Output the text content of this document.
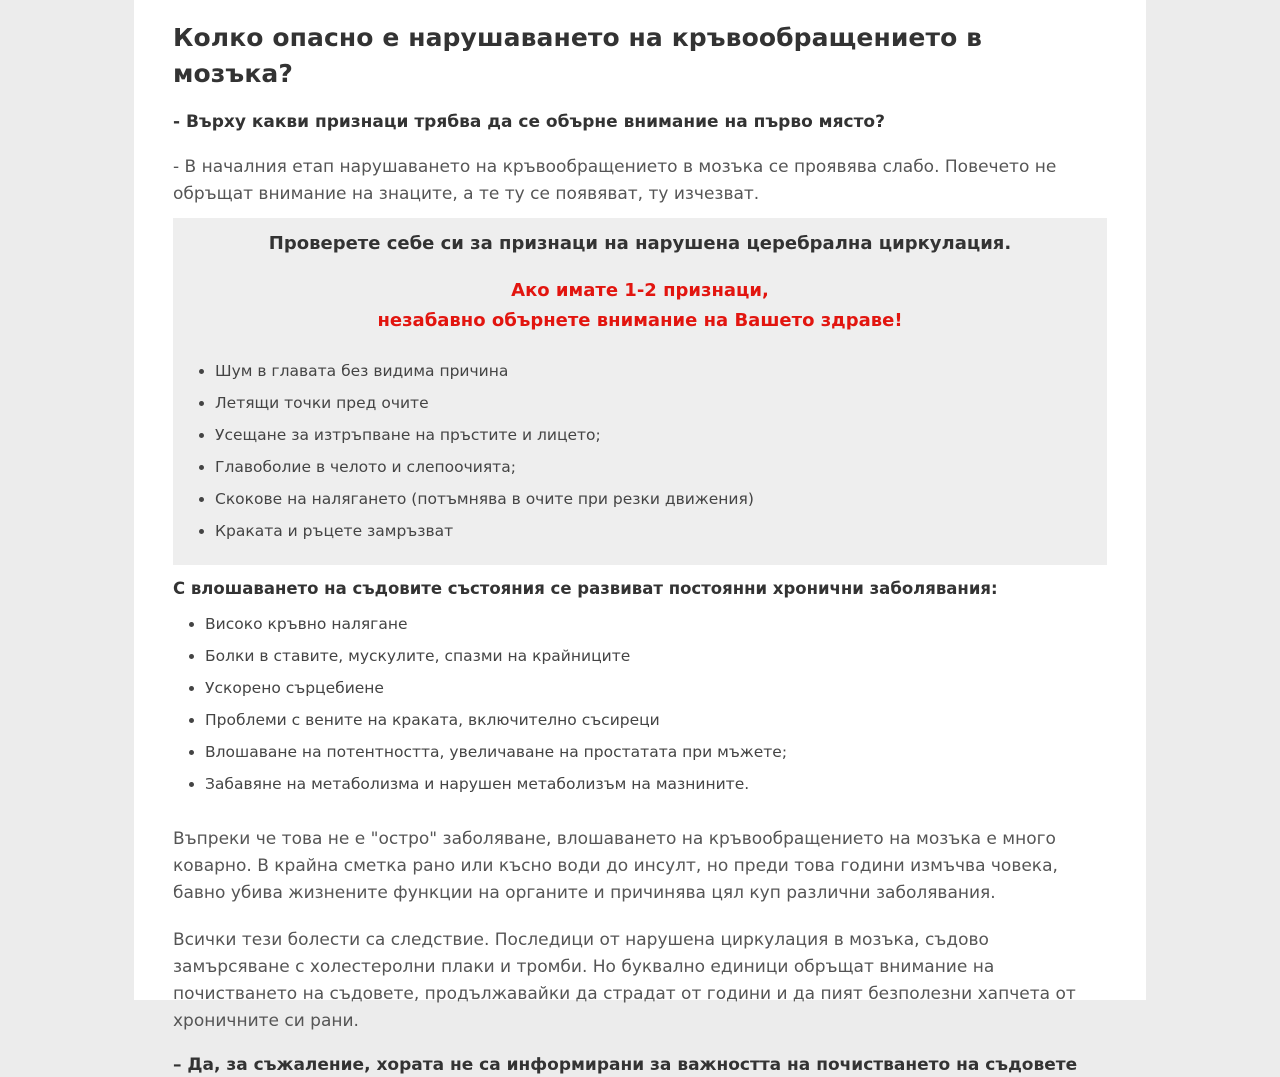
Колко опасно е нарушаването на кръвообращението в мозъка?

- Върху какви признаци трябва да се обърне внимание на първо място?

- В началния етап нарушаването на кръвообращението в мозъка се проявява слабо. Повечето не обръщат внимание на знаците, а те ту се появяват, ту изчезват.

Проверете себе си за признаци на нарушена церебрална циркулация.
Ако имате 1-2 признаци,
незабавно обърнете внимание на Вашето здраве!
• Шум в главата без видима причина
• Летящи точки пред очите
• Усещане за изтръпване на пръстите и лицето;
• Главоболие в челото и слепоочията;
• Скокове на налягането (потъмнява в очите при резки движения)
• Краката и ръцете замръзват
С влошаването на съдовите състояния се развиват постоянни хронични заболявания:
• Високо кръвно налягане
• Болки в ставите, мускулите, спазми на крайниците
• Ускорено сърцебиене
• Проблеми с вените на краката, включително съсиреци
• Влошаване на потентността, увеличаване на простатата при мъжете;
• Забавяне на метаболизма и нарушен метаболизъм на мазнините.

Въпреки че това не е "остро" заболяване, влошаването на кръвообращението на мозъка е много коварно. В крайна сметка рано или късно води до инсулт, но преди това години измъчва човека, бавно убива жизнените функции на органите и причинява цял куп различни заболявания.

Всички тези болести са следствие. Последици от нарушена циркулация в мозъка, съдово замърсяване с холестеролни плаки и тромби. Но буквално единици обръщат внимание на почистването на съдовете, продължавайки да страдат от години и да пият безполезни хапчета от хроничните си рани.

– Да, за съжаление, хората не са информирани за важността на почистването на съдовете
